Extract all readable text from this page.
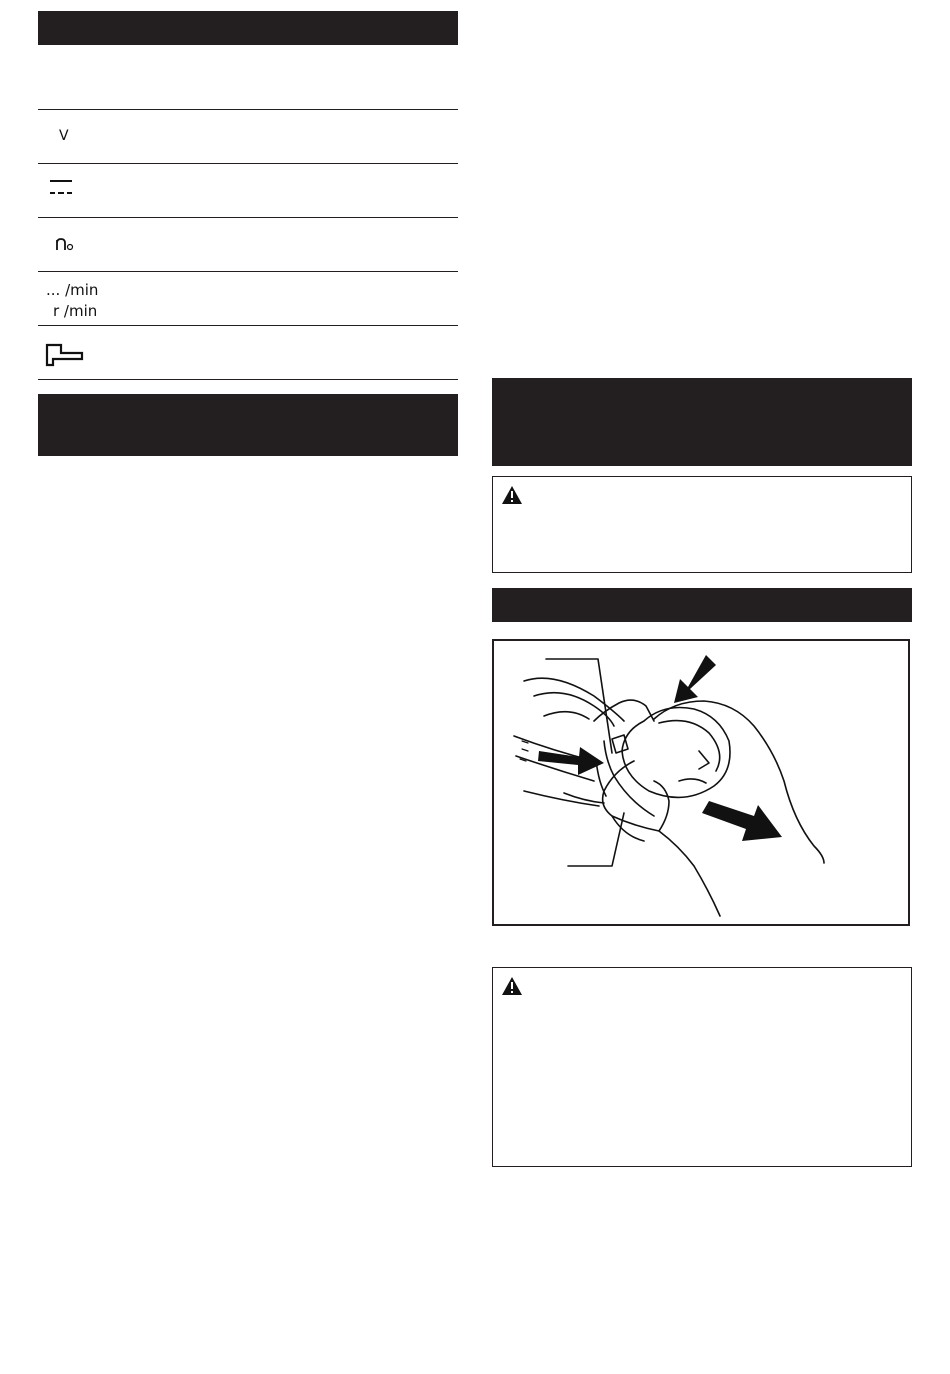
V
... /min
r /min
